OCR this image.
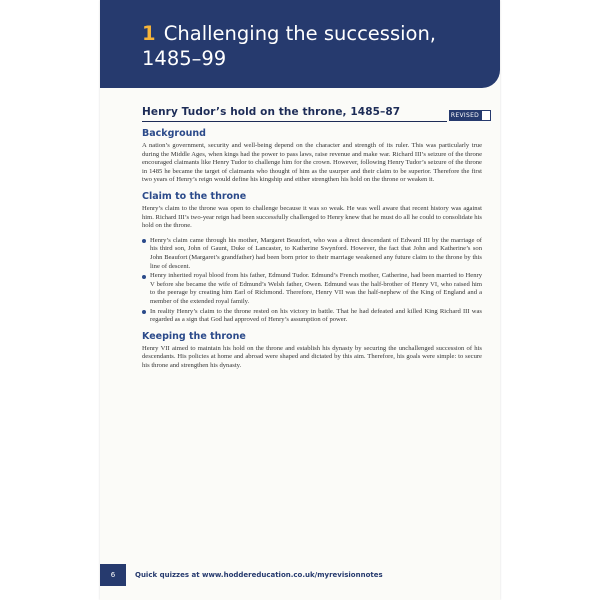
1 Challenging the succession,
1485–99
Henry Tudor’s hold on the throne, 1485–87	REVISED
Background

A nation’s government, security and well-being depend on the character and strength of its ruler. This was particularly true during the Middle Ages, when kings had the power to pass laws, raise revenue and make war. Richard III’s seizure of the throne encouraged claimants like Henry Tudor to challenge him for the crown. However, following Henry Tudor’s seizure of the throne in 1485 he became the target of claimants who thought of him as the usurper and their claim to be superior. Therefore the first two years of Henry’s reign would define his kingship and either strengthen his hold on the throne or weaken it.

Claim to the throne

Henry’s claim to the throne was open to challenge because it was so weak. He was well aware that recent history was against him. Richard III’s two-year reign had been successfully challenged to Henry knew that he must do all he could to consolidate his hold on the throne.

Henry’s claim came through his mother, Margaret Beaufort, who was a direct descendant of Edward III by the marriage of his third son, John of Gaunt, Duke of Lancaster, to Katherine Swynford. However, the fact that John and Katherine’s son John Beaufort (Margaret’s grandfather) had been born prior to their marriage weakened any future claim to the throne by this line of descent.
Henry inherited royal blood from his father, Edmund Tudor. Edmund’s French mother, Catherine, had been married to Henry V before she became the wife of Edmund’s Welsh father, Owen. Edmund was the half-brother of Henry VI, who raised him to the peerage by creating him Earl of Richmond. Therefore, Henry VII was the half-nephew of the King of England and a member of the extended royal family.
In reality Henry’s claim to the throne rested on his victory in battle. That he had defeated and killed King Richard III was regarded as a sign that God had approved of Henry’s assumption of power.
Keeping the throne

Henry VII aimed to maintain his hold on the throne and establish his dynasty by securing the unchallenged succession of his descendants. His policies at home and abroad were shaped and dictated by this aim. Therefore, his goals were simple: to secure his throne and strengthen his dynasty.

6	Quick quizzes at www.hoddereducation.co.uk/myrevisionnotes
